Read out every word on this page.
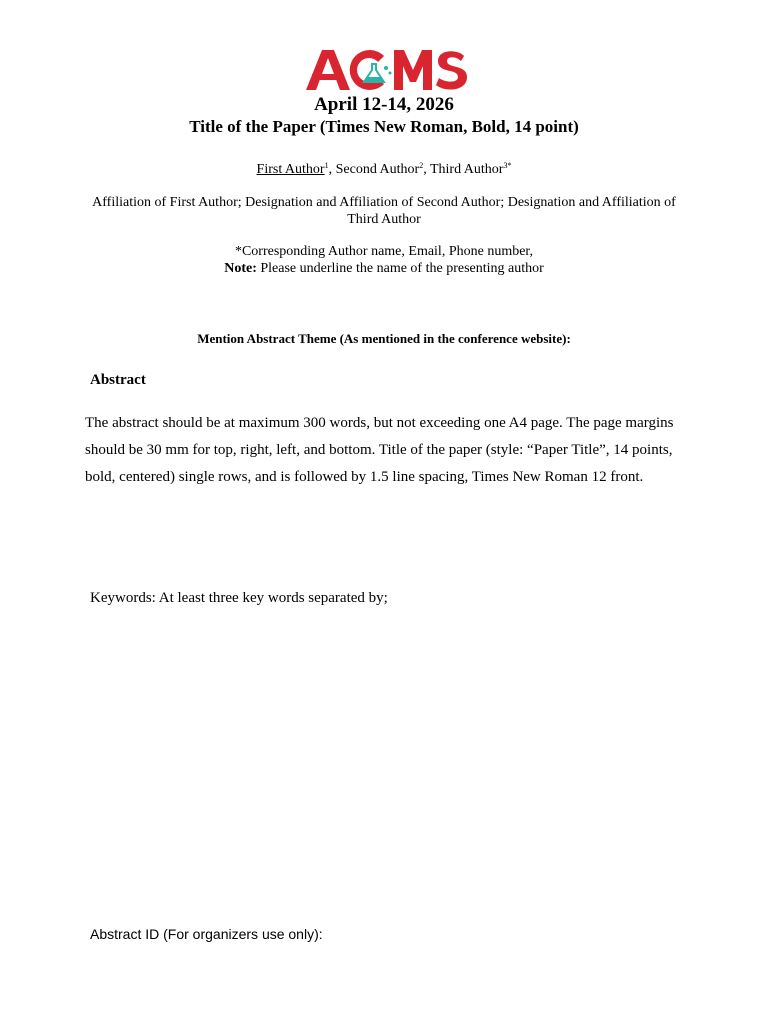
April 12-14, 2026
Title of the Paper (Times New Roman, Bold, 14 point)
First Author$^1$, Second Author$^2$, Third Author$^{3*}$
Affiliation of First Author; Designation and Affiliation of Second Author; Designation and Affiliation of Third Author
*Corresponding Author name, Email, Phone number,
Note: Please underline the name of the presenting author
Mention Abstract Theme (As mentioned in the conference website):
Abstract
The abstract should be at maximum 300 words, but not exceeding one A4 page. The page margins should be 30 mm for top, right, left, and bottom. Title of the paper (style: “Paper Title”, 14 points, bold, centered) single rows, and is followed by 1.5 line spacing, Times New Roman 12 front.
Keywords: At least three key words separated by;
Abstract ID (For organizers use only):
